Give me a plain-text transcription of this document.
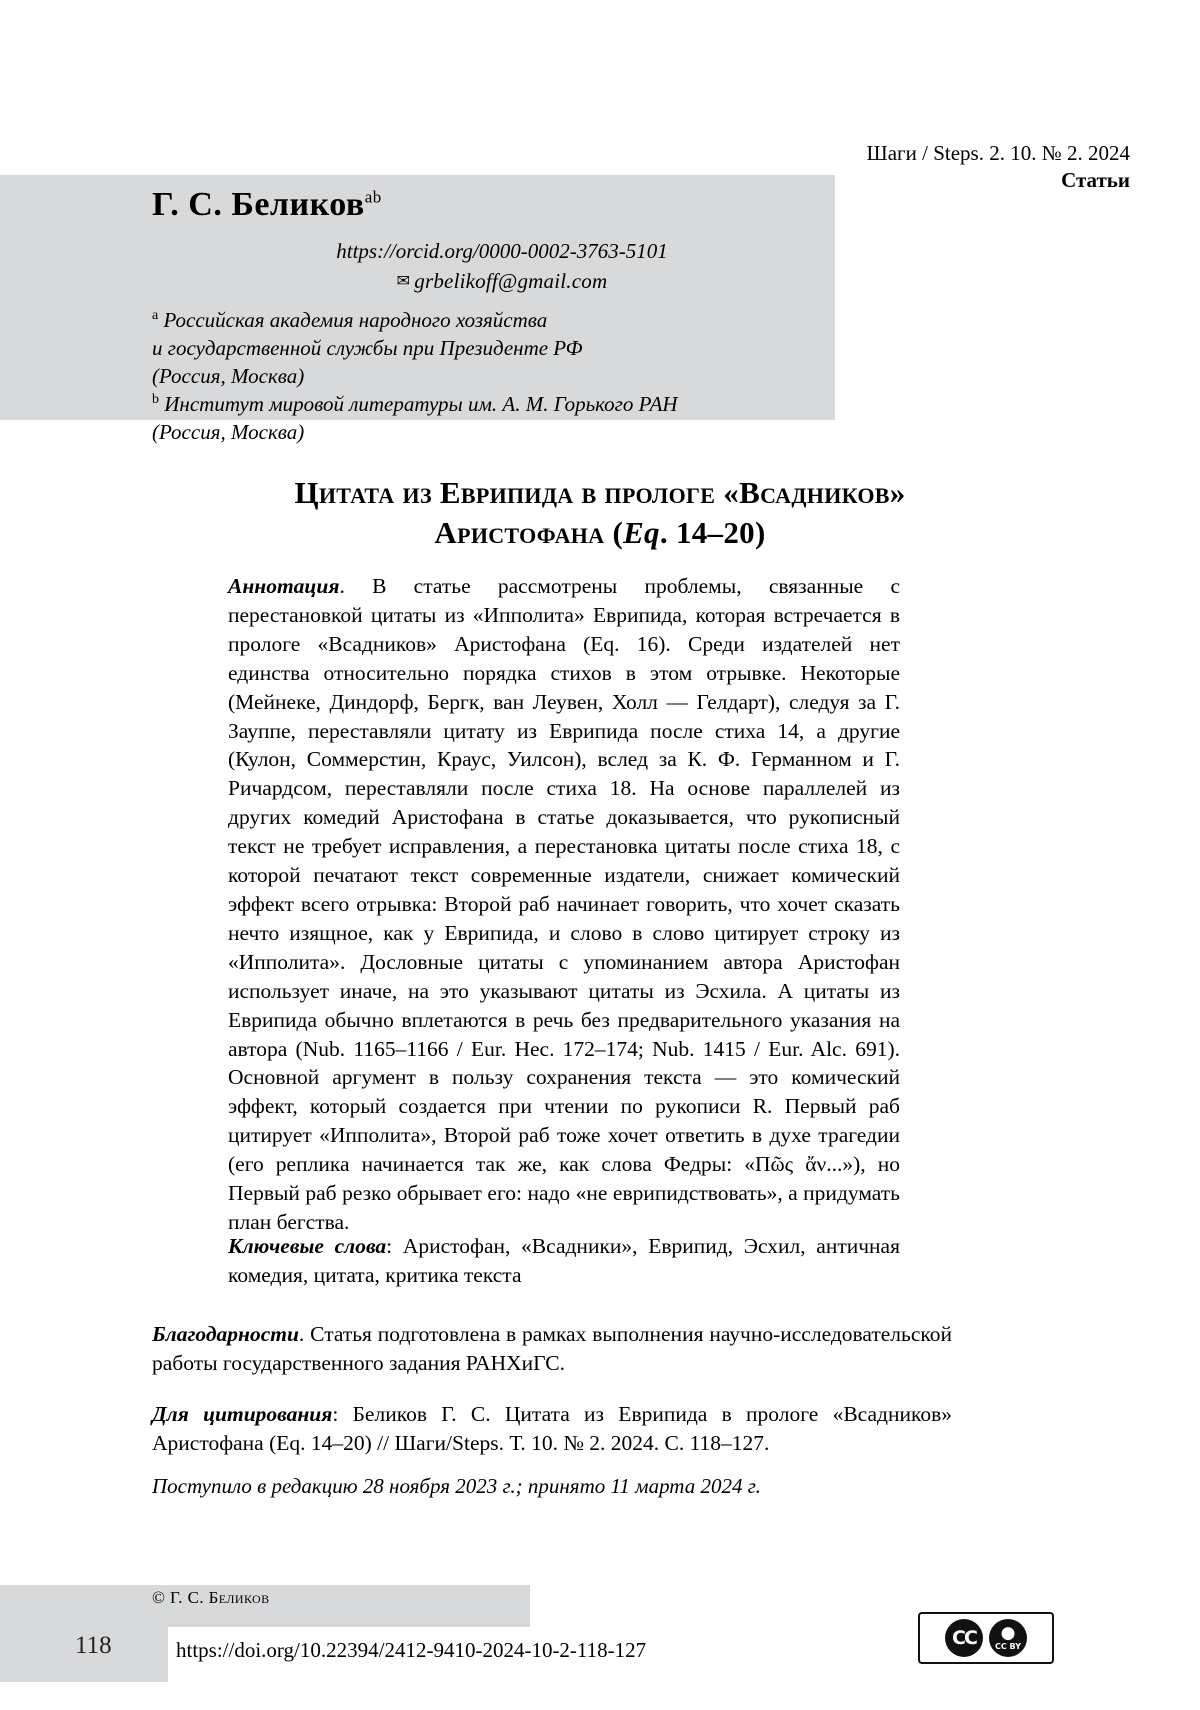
Шаги / Steps. 2. 10. № 2. 2024
Статьи
Г. С. Беликов$^{ab}$
https://orcid.org/0000-0002-3763-5101
✉ grbelikoff@gmail.com
$^a$ Российская академия народного хозяйства
и государственной службы при Президенте РФ
(Россия, Москва)
$^b$ Институт мировой литературы им. А. М. Горького РАН
(Россия, Москва)
Цитата из Еврипида в прологе «Всадников»
Аристофана (Eq. 14–20)
Аннотация. В статье рассмотрены проблемы, связанные с перестановкой цитаты из «Ипполита» Еврипида, которая встречается в прологе «Всадников» Аристофана (Eq. 16). Среди издателей нет единства относительно порядка стихов в этом отрывке. Некоторые (Мейнеке, Диндорф, Бергк, ван Леувен, Холл — Гелдарт), следуя за Г. Зауппе, переставляли цитату из Еврипида после стиха 14, а другие (Кулон, Соммерстин, Краус, Уилсон), вслед за К. Ф. Германном и Г. Ричардсом, переставляли после стиха 18. На основе параллелей из других комедий Аристофана в статье доказывается, что рукописный текст не требует исправления, а перестановка цитаты после стиха 18, с которой печатают текст современные издатели, снижает комический эффект всего отрывка: Второй раб начинает говорить, что хочет сказать нечто изящное, как у Еврипида, и слово в слово цитирует строку из «Ипполита». Дословные цитаты с упоминанием автора Аристофан использует иначе, на это указывают цитаты из Эсхила. А цитаты из Еврипида обычно вплетаются в речь без предварительного указания на автора (Nub. 1165–1166 / Eur. Hec. 172–174; Nub. 1415 / Eur. Alc. 691). Основной аргумент в пользу сохранения текста — это комический эффект, который создается при чтении по рукописи R. Первый раб цитирует «Ипполита», Второй раб тоже хочет ответить в духе трагедии (его реплика начинается так же, как слова Федры: «Πῶς ἄν...»), но Первый раб резко обрывает его: надо «не еврипидствовать», а придумать план бегства.
Ключевые слова: Аристофан, «Всадники», Еврипид, Эсхил, античная комедия, цитата, критика текста
Благодарности. Статья подготовлена в рамках выполнения научно-исследовательской работы государственного задания РАНХиГС.
Для цитирования: Беликов Г. С. Цитата из Еврипида в прологе «Всадников» Аристофана (Eq. 14–20) // Шаги/Steps. Т. 10. № 2. 2024. С. 118–127.
Поступило в редакцию 28 ноября 2023 г.; принято 11 марта 2024 г.
© Г. С. Беликов
118	https://doi.org/10.22394/2412-9410-2024-10-2-118-127	CC	●
CC BY
